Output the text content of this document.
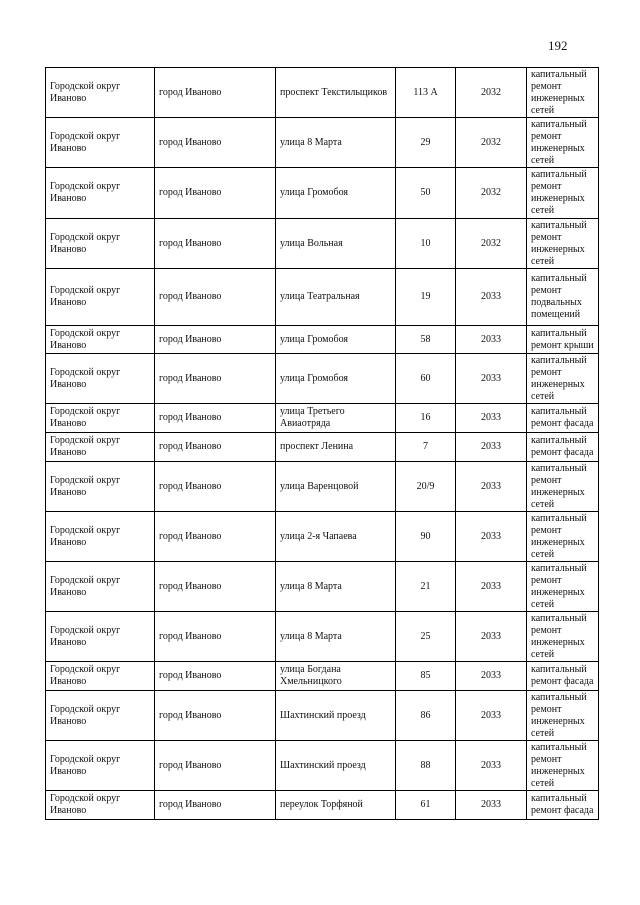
192
Городской округ Иваново	город Иваново	проспект Текстильщиков	113 А	2032	капитальный ремонт инженерных сетей
Городской округ Иваново	город Иваново	улица 8 Марта	29	2032	капитальный ремонт инженерных сетей
Городской округ Иваново	город Иваново	улица Громобоя	50	2032	капитальный ремонт инженерных сетей
Городской округ Иваново	город Иваново	улица Вольная	10	2032	капитальный ремонт инженерных сетей
Городской округ Иваново	город Иваново	улица Театральная	19	2033	капитальный ремонт подвальных помещений
Городской округ Иваново	город Иваново	улица Громобоя	58	2033	капитальный ремонт крыши
Городской округ Иваново	город Иваново	улица Громобоя	60	2033	капитальный ремонт инженерных сетей
Городской округ Иваново	город Иваново	улица Третьего Авиаотряда	16	2033	капитальный ремонт фасада
Городской округ Иваново	город Иваново	проспект Ленина	7	2033	капитальный ремонт фасада
Городской округ Иваново	город Иваново	улица Варенцовой	20/9	2033	капитальный ремонт инженерных сетей
Городской округ Иваново	город Иваново	улица 2-я Чапаева	90	2033	капитальный ремонт инженерных сетей
Городской округ Иваново	город Иваново	улица 8 Марта	21	2033	капитальный ремонт инженерных сетей
Городской округ Иваново	город Иваново	улица 8 Марта	25	2033	капитальный ремонт инженерных сетей
Городской округ Иваново	город Иваново	улица Богдана Хмельницкого	85	2033	капитальный ремонт фасада
Городской округ Иваново	город Иваново	Шахтинский проезд	86	2033	капитальный ремонт инженерных сетей
Городской округ Иваново	город Иваново	Шахтинский проезд	88	2033	капитальный ремонт инженерных сетей
Городской округ Иваново	город Иваново	переулок Торфяной	61	2033	капитальный ремонт фасада
